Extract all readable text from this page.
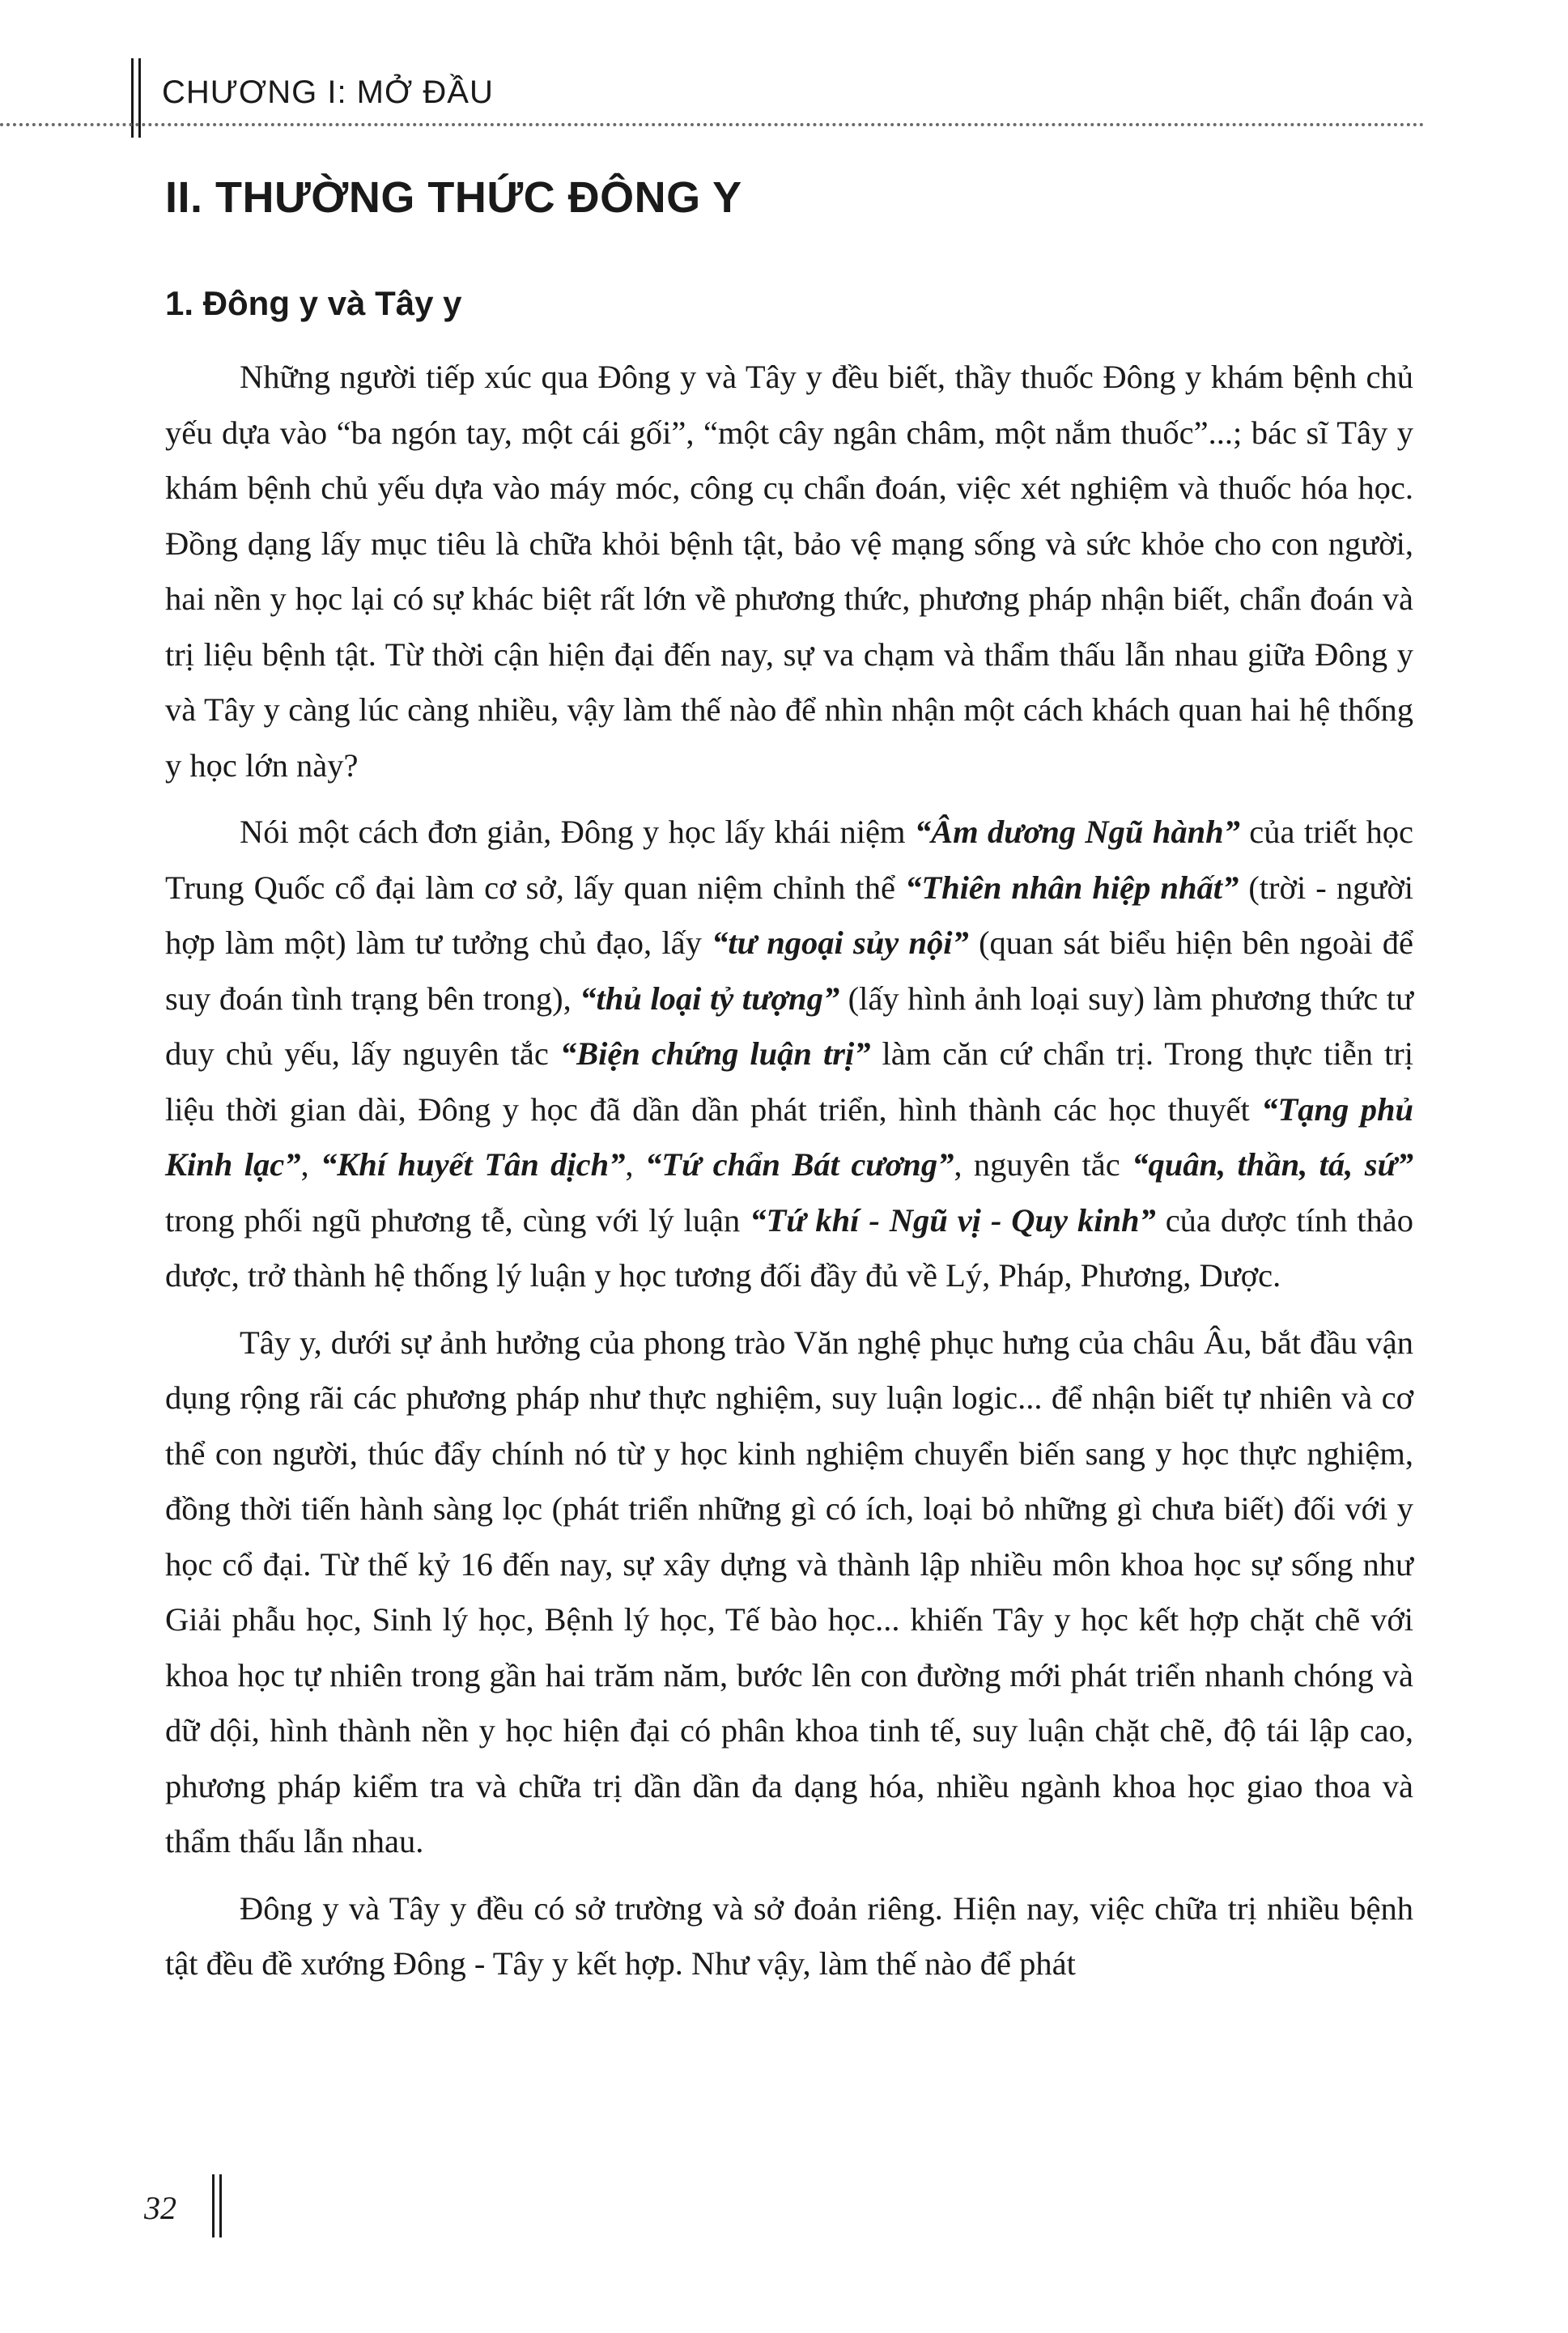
CHƯƠNG I: MỞ ĐẦU
II. THƯỜNG THỨC ĐÔNG Y
1. Đông y và Tây y

Những người tiếp xúc qua Đông y và Tây y đều biết, thầy thuốc Đông y khám bệnh chủ yếu dựa vào “ba ngón tay, một cái gối”, “một cây ngân châm, một nắm thuốc”...; bác sĩ Tây y khám bệnh chủ yếu dựa vào máy móc, công cụ chẩn đoán, việc xét nghiệm và thuốc hóa học. Đồng dạng lấy mục tiêu là chữa khỏi bệnh tật, bảo vệ mạng sống và sức khỏe cho con người, hai nền y học lại có sự khác biệt rất lớn về phương thức, phương pháp nhận biết, chẩn đoán và trị liệu bệnh tật. Từ thời cận hiện đại đến nay, sự va chạm và thẩm thấu lẫn nhau giữa Đông y và Tây y càng lúc càng nhiều, vậy làm thế nào để nhìn nhận một cách khách quan hai hệ thống y học lớn này?

Nói một cách đơn giản, Đông y học lấy khái niệm “Âm dương Ngũ hành” của triết học Trung Quốc cổ đại làm cơ sở, lấy quan niệm chỉnh thể “Thiên nhân hiệp nhất” (trời - người hợp làm một) làm tư tưởng chủ đạo, lấy “tư ngoại sủy nội” (quan sát biểu hiện bên ngoài để suy đoán tình trạng bên trong), “thủ loại tỷ tượng” (lấy hình ảnh loại suy) làm phương thức tư duy chủ yếu, lấy nguyên tắc “Biện chứng luận trị” làm căn cứ chẩn trị. Trong thực tiễn trị liệu thời gian dài, Đông y học đã dần dần phát triển, hình thành các học thuyết “Tạng phủ Kinh lạc”, “Khí huyết Tân dịch”, “Tứ chẩn Bát cương”, nguyên tắc “quân, thần, tá, sứ” trong phối ngũ phương tễ, cùng với lý luận “Tứ khí - Ngũ vị - Quy kinh” của dược tính thảo dược, trở thành hệ thống lý luận y học tương đối đầy đủ về Lý, Pháp, Phương, Dược.

Tây y, dưới sự ảnh hưởng của phong trào Văn nghệ phục hưng của châu Âu, bắt đầu vận dụng rộng rãi các phương pháp như thực nghiệm, suy luận logic... để nhận biết tự nhiên và cơ thể con người, thúc đẩy chính nó từ y học kinh nghiệm chuyển biến sang y học thực nghiệm, đồng thời tiến hành sàng lọc (phát triển những gì có ích, loại bỏ những gì chưa biết) đối với y học cổ đại. Từ thế kỷ 16 đến nay, sự xây dựng và thành lập nhiều môn khoa học sự sống như Giải phẫu học, Sinh lý học, Bệnh lý học, Tế bào học... khiến Tây y học kết hợp chặt chẽ với khoa học tự nhiên trong gần hai trăm năm, bước lên con đường mới phát triển nhanh chóng và dữ dội, hình thành nền y học hiện đại có phân khoa tinh tế, suy luận chặt chẽ, độ tái lập cao, phương pháp kiểm tra và chữa trị dần dần đa dạng hóa, nhiều ngành khoa học giao thoa và thẩm thấu lẫn nhau.

Đông y và Tây y đều có sở trường và sở đoản riêng. Hiện nay, việc chữa trị nhiều bệnh tật đều đề xướng Đông - Tây y kết hợp. Như vậy, làm thế nào để phát

32
